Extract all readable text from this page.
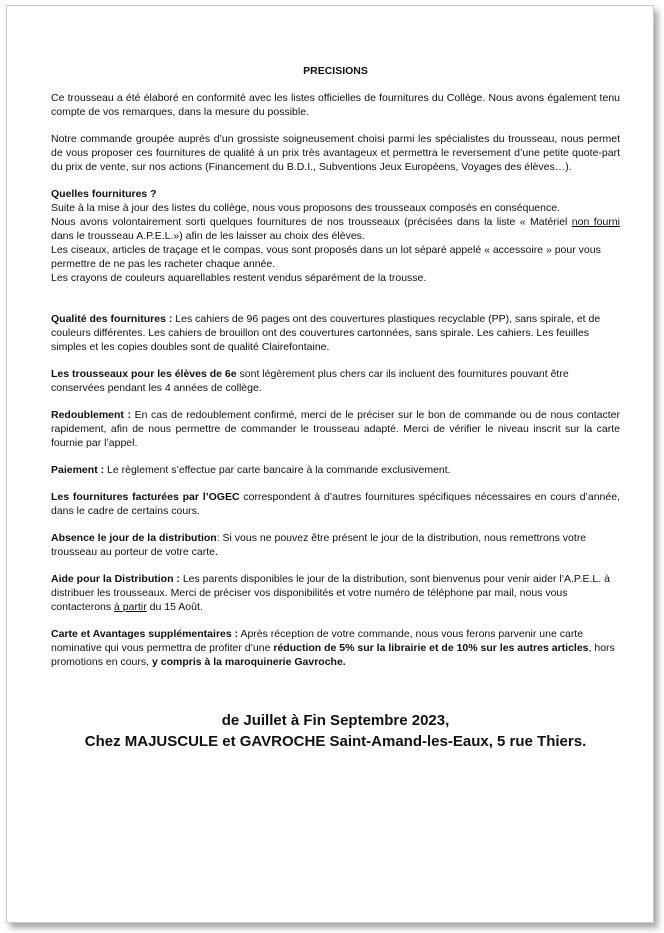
PRECISIONS

Ce trousseau a été élaboré en conformité avec les listes officielles de fournitures du Collège. Nous avons également tenu compte de vos remarques, dans la mesure du possible.

Notre commande groupée auprès d’un grossiste soigneusement choisi parmi les spécialistes du trousseau, nous permet de vous proposer ces fournitures de qualité à un prix très avantageux et permettra le reversement d’une petite quote-part du prix de vente, sur nos actions (Financement du B.D.I., Subventions Jeux Européens, Voyages des élèves…).

Quelles fournitures ?

Suite à la mise à jour des listes du collège, nous vous proposons des trousseaux composés en conséquence.

Nous avons volontairement sorti quelques fournitures de nos trousseaux (précisées dans la liste « Matériel non fourni dans le trousseau A.P.E.L.») afin de les laisser au choix des élèves.

Les ciseaux, articles de traçage et le compas, vous sont proposés dans un lot séparé appelé « accessoire » pour vous permettre de ne pas les racheter chaque année.

Les crayons de couleurs aquarellables restent vendus séparément de la trousse.

Qualité des fournitures : Les cahiers de 96 pages ont des couvertures plastiques recyclable (PP), sans spirale, et de couleurs différentes. Les cahiers de brouillon ont des couvertures cartonnées, sans spirale. Les cahiers. Les feuilles simples et les copies doubles sont de qualité Clairefontaine.

Les trousseaux pour les élèves de 6e sont légèrement plus chers car ils incluent des fournitures pouvant être conservées pendant les 4 années de collège.

Redoublement : En cas de redoublement confirmé, merci de le préciser sur le bon de commande ou de nous contacter rapidement, afin de nous permettre de commander le trousseau adapté. Merci de vérifier le niveau inscrit sur la carte fournie par l’appel.

Paiement : Le règlement s’effectue par carte bancaire à la commande exclusivement.

Les fournitures facturées par l’OGEC correspondent à d’autres fournitures spécifiques nécessaires en cours d’année, dans le cadre de certains cours.

Absence le jour de la distribution: Si vous ne pouvez être présent le jour de la distribution, nous remettrons votre trousseau au porteur de votre carte.

Aide pour la Distribution : Les parents disponibles le jour de la distribution, sont bienvenus pour venir aider l’A.P.E.L. à distribuer les trousseaux. Merci de préciser vos disponibilités et votre numéro de téléphone par mail, nous vous contacterons à partir du 15 Août.

Carte et Avantages supplémentaires : Après réception de votre commande, nous vous ferons parvenir une carte nominative qui vous permettra de profiter d’une réduction de 5% sur la librairie et de 10% sur les autres articles, hors promotions en cours, y compris à la maroquinerie Gavroche.

de Juillet à Fin Septembre 2023,
Chez MAJUSCULE et GAVROCHE Saint-Amand-les-Eaux, 5 rue Thiers.
